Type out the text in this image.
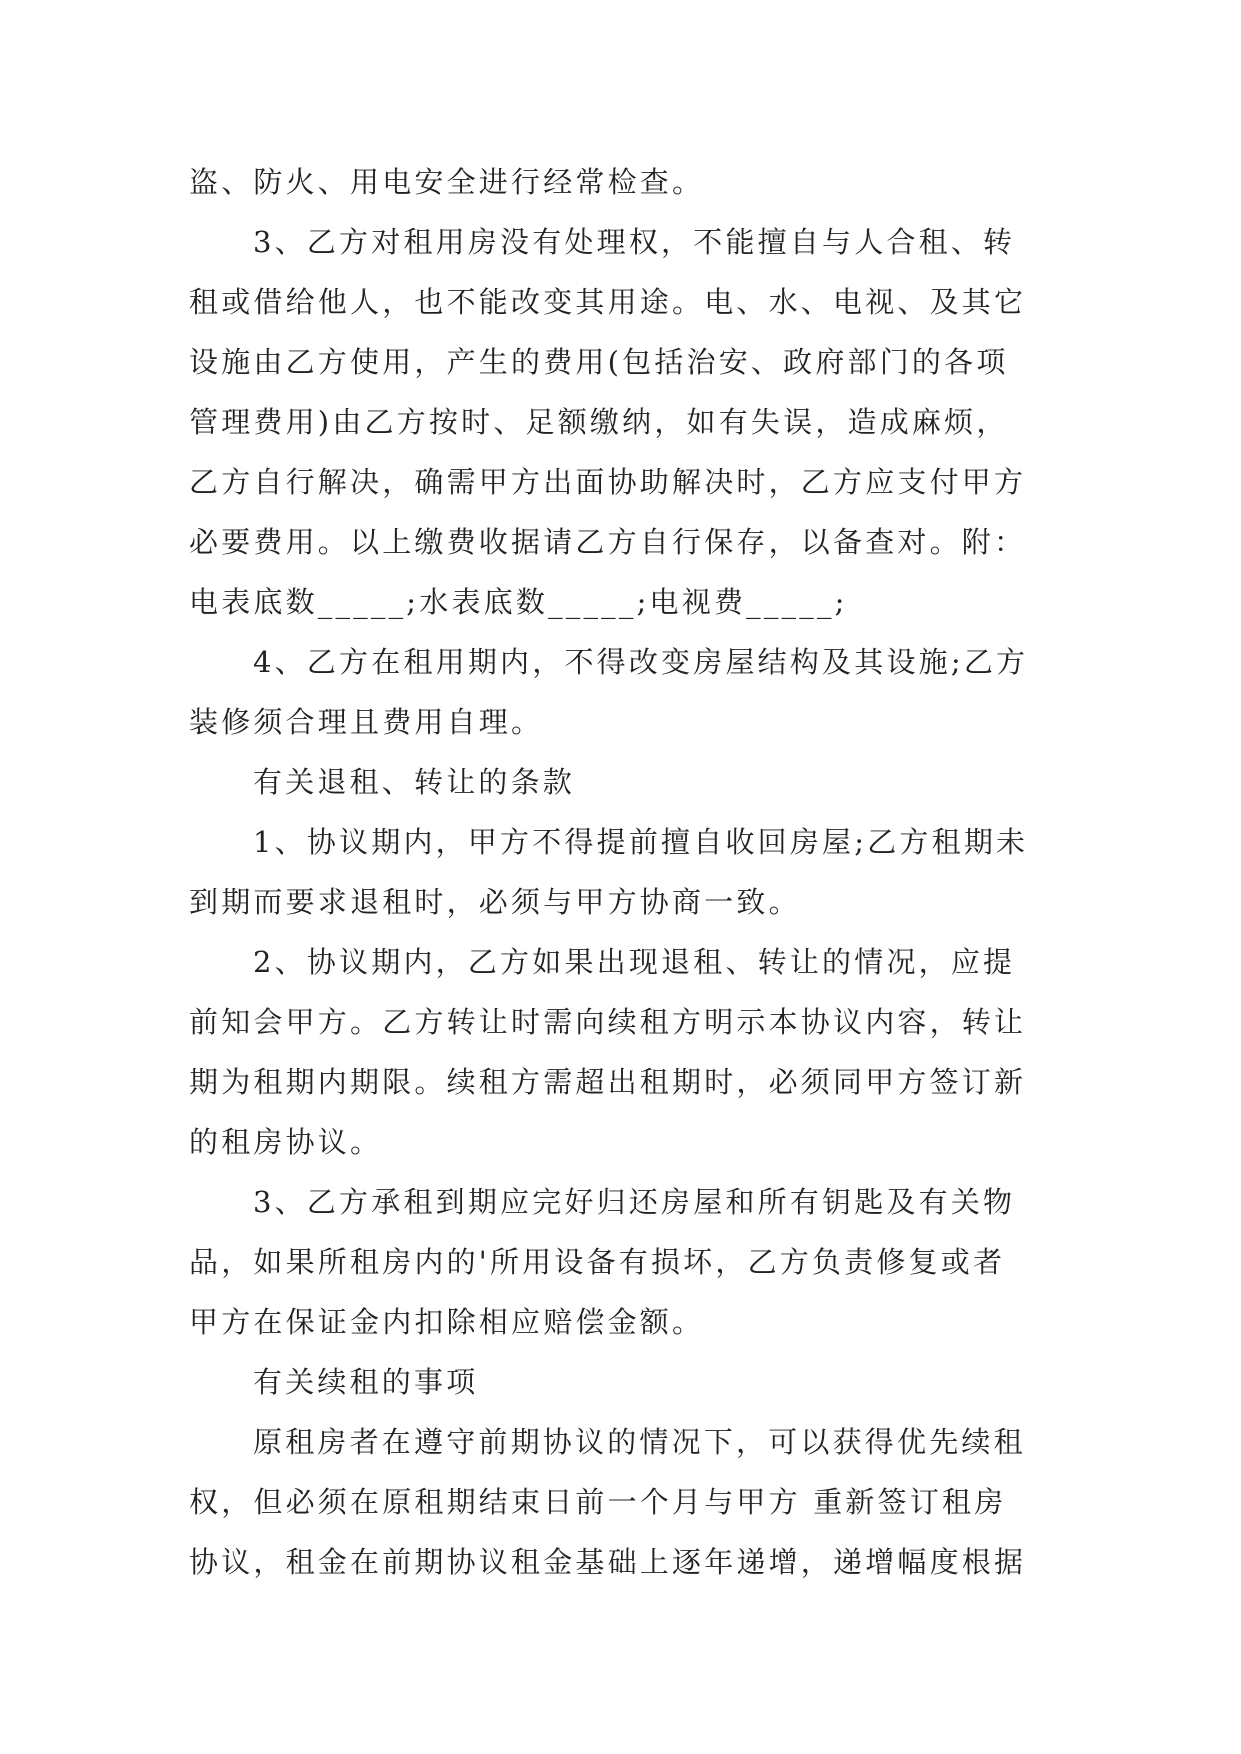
盗、防火、用电安全进行经常检查。
3、乙方对租用房没有处理权，不能擅自与人合租、转
租或借给他人，也不能改变其用途。电、水、电视、及其它
设施由乙方使用，产生的费用(包括治安、政府部门的各项
管理费用)由乙方按时、足额缴纳，如有失误，造成麻烦，
乙方自行解决，确需甲方出面协助解决时，乙方应支付甲方
必要费用。以上缴费收据请乙方自行保存，以备查对。附：
电表底数_____;水表底数_____;电视费_____;
4、乙方在租用期内，不得改变房屋结构及其设施;乙方
装修须合理且费用自理。
有关退租、转让的条款
1、协议期内，甲方不得提前擅自收回房屋;乙方租期未
到期而要求退租时，必须与甲方协商一致。
2、协议期内，乙方如果出现退租、转让的情况，应提
前知会甲方。乙方转让时需向续租方明示本协议内容，转让
期为租期内期限。续租方需超出租期时，必须同甲方签订新
的租房协议。
3、乙方承租到期应完好归还房屋和所有钥匙及有关物
品，如果所租房内的'所用设备有损坏，乙方负责修复或者
甲方在保证金内扣除相应赔偿金额。
有关续租的事项
原租房者在遵守前期协议的情况下，可以获得优先续租
权，但必须在原租期结束日前一个月与甲方 重新签订租房
协议，租金在前期协议租金基础上逐年递增，递增幅度根据
